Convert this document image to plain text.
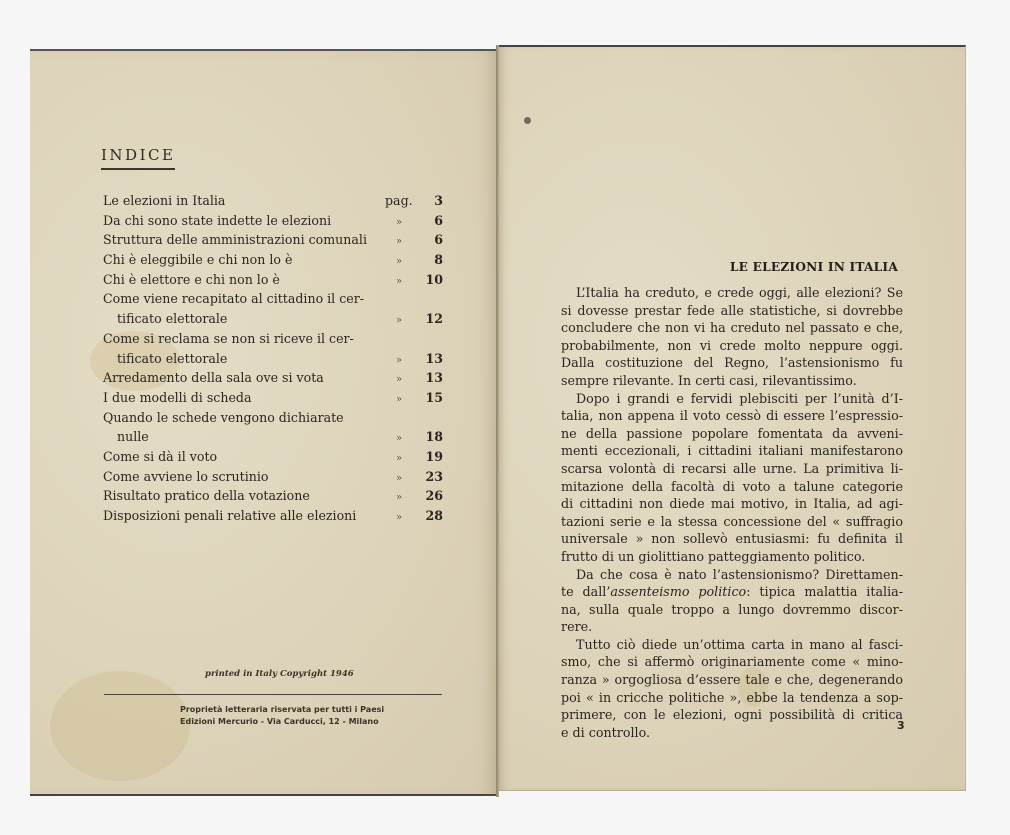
INDICE
Le elezioni in Italia	pag.	3
Da chi sono state indette le elezioni	»	6
Struttura delle amministrazioni comunali	»	6
Chi è eleggibile e chi non lo è	»	8
Chi è elettore e chi non lo è	»	10
Come viene recapitato al cittadino il cer-
tificato elettorale	»	12
Come si reclama se non si riceve il cer-
tificato elettorale	»	13
Arredamento della sala ove si vota	»	13
I due modelli di scheda	»	15
Quando le schede vengono dichiarate
nulle	»	18
Come si dà il voto	»	19
Come avviene lo scrutinio	»	23
Risultato pratico della votazione	»	26
Disposizioni penali relative alle elezioni	»	28
printed in Italy Copyright 1946
Proprietà letteraria riservata per tutti i Paesi
Edizioni Mercurio - Via Carducci, 12 - Milano
LE ELEZIONI IN ITALIA

L’Italia ha creduto, e crede oggi, alle elezioni? Se

si dovesse prestar fede alle statistiche, si dovrebbe

concludere che non vi ha creduto nel passato e che,

probabilmente, non vi crede molto neppure oggi.

Dalla costituzione del Regno, l’astensionismo fu

sempre rilevante. In certi casi, rilevantissimo.

Dopo i grandi e fervidi plebisciti per l’unità d’I-

talia, non appena il voto cessò di essere l’espressio-

ne della passione popolare fomentata da avveni-

menti eccezionali, i cittadini italiani manifestarono

scarsa volontà di recarsi alle urne. La primitiva li-

mitazione della facoltà di voto a talune categorie

di cittadini non diede mai motivo, in Italia, ad agi-

tazioni serie e la stessa concessione del « suffragio

universale » non sollevò entusiasmi: fu definita il

frutto di un giolittiano patteggiamento politico.

Da che cosa è nato l’astensionismo? Direttamen-

te dall’assenteismo politico: tipica malattia italia-

na, sulla quale troppo a lungo dovremmo discor-

rere.

Tutto ciò diede un’ottima carta in mano al fasci-

smo, che si affermò originariamente come « mino-

ranza » orgogliosa d’essere tale e che, degenerando

poi « in cricche politiche », ebbe la tendenza a sop-

primere, con le elezioni, ogni possibilità di critica

e di controllo.	3
